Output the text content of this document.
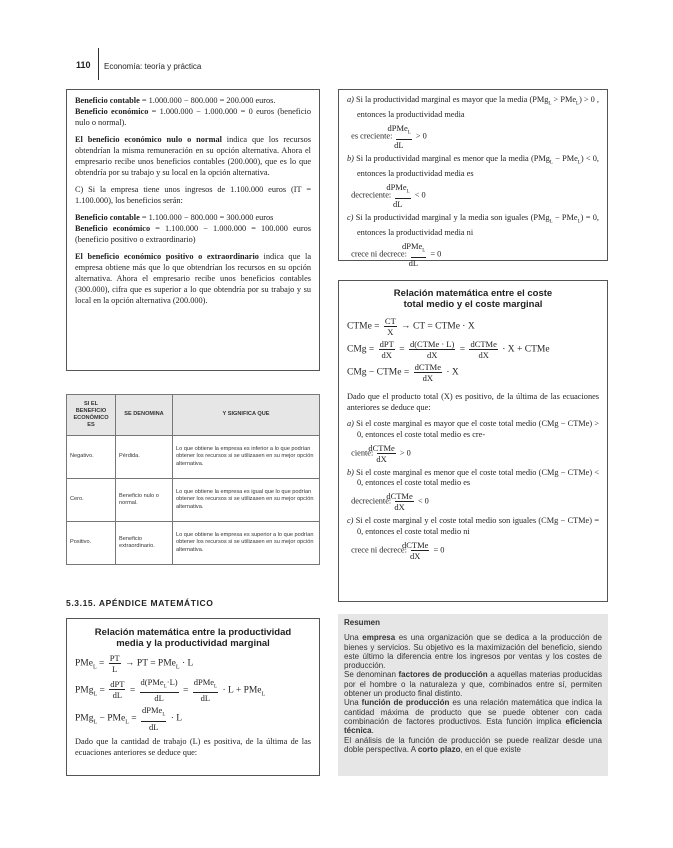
110 Economía: teoría y práctica

Beneficio contable = 1.000.000 − 800.000 = 200.000 euros.

Beneficio económico = 1.000.000 − 1.000.000 = 0 euros (beneficio nulo o normal).

El beneficio económico nulo o normal indica que los recursos obtendrían la misma remuneración en su opción alternativa. Ahora el empresario recibe unos beneficios contables (200.000), que es lo que obtendría por su trabajo y su local en la opción alternativa.

C) Si la empresa tiene unos ingresos de 1.100.000 euros (IT = 1.100.000), los beneficios serán:

Beneficio contable = 1.100.000 − 800.000 = 300.000 euros

Beneficio económico = 1.100.000 − 1.000.000 = 100.000 euros (beneficio positivo o extraordinario)

El beneficio económico positivo o extraordinario indica que la empresa obtiene más que lo que obtendrían los recursos en su opción alternativa. Ahora el empresario recibe unos beneficios contables (300.000), cifra que es superior a lo que obtendría por su trabajo y su local en la opción alternativa (200.000).

SI EL BENEFICIO ECONÓMICO ES	SE DENOMINA	Y SIGNIFICA QUE
Negativo.	Pérdida.	Lo que obtiene la empresa es inferior a lo que podrían obtener los recursos si se utilizasen en su mejor opción alternativa.
Cero.	Beneficio nulo o normal.	Lo que obtiene la empresa es igual que lo que podrían obtener los recursos si se utilizasen en su mejor opción alternativa.
Positivo.	Beneficio extraordinario.	Lo que obtiene la empresa es superior a lo que podrían obtener los recursos si se utilizasen en su mejor opción alternativa.
5.3.15. APÉNDICE MATEMÁTICO
Relación matemática entre la productividad
media y la productividad marginal
$PMe_L = \frac{PT}{L}$ → PT = PMe$_L$ · L
$PMg_L = \frac{\text{dPT}}{dL} = \frac{d(PMe_L\cdot L)}{dL} = \frac{dPMe_L}{dL} \cdot L + PMe_L$
$PMg_L - PMe_L = \frac{dPMe_L}{dL} \cdot L$

Dado que la cantidad de trabajo (L) es positiva, de la última de las ecuaciones anteriores se deduce que:

a) Si la productividad marginal es mayor que la media (PMg$_L$ > PMe$_L$) > 0 , entonces la productividad media
es creciente: $\frac{dPMe_L}{dL} > 0$
b) Si la productividad marginal es menor que la media (PMg$_L$ − PMe$_L$) < 0, entonces la productividad media es
decreciente: $\frac{dPMe_L}{dL} < 0$
c) Si la productividad marginal y la media son iguales (PMg$_L$ − PMe$_L$) = 0, entonces la productividad media ni
crece ni decrece: $\frac{dPMe_L}{dL} = 0$
Relación matemática entre el coste
total medio y el coste marginal
CTMe = $\frac{CT}{X}$ → CT = CTMe · X
CMg = $\frac{\text{dPT}}{dX} = \frac{\text{d(CTMe · L)}}{dX} = \frac{\text{dCTMe}}{dX} \cdot X$ + CTMe
CMg − CTMe = $\frac{\text{dCTMe}}{dX} \cdot X$

Dado que el producto total (X) es positivo, de la última de las ecuaciones anteriores se deduce que:

a) Si el coste marginal es mayor que el coste total medio (CMg − CTMe) > 0, entonces el coste total medio es cre-
ciente: $\frac{\text{dCTMe}}{dX} > 0$
b) Si el coste marginal es menor que el coste total medio (CMg − CTMe) < 0, entonces el coste total medio es
decreciente: $\frac{\text{dCTMe}}{dX} < 0$
c) Si el coste marginal y el coste total medio son iguales (CMg − CTMe) = 0, entonces el coste total medio ni
crece ni decrece: $\frac{\text{dCTMe}}{dX} = 0$
Resumen

Una empresa es una organización que se dedica a la producción de bienes y servicios. Su objetivo es la maximización del beneficio, siendo este último la diferencia entre los ingresos por ventas y los costes de producción.

Se denominan factores de producción a aquellas materias producidas por el hombre o la naturaleza y que, combinados entre sí, permiten obtener un producto final distinto.

Una función de producción es una relación matemática que indica la cantidad máxima de producto que se puede obtener con cada combinación de factores productivos. Esta función implica eficiencia técnica.

El análisis de la función de producción se puede realizar desde una doble perspectiva. A corto plazo, en el que existe
